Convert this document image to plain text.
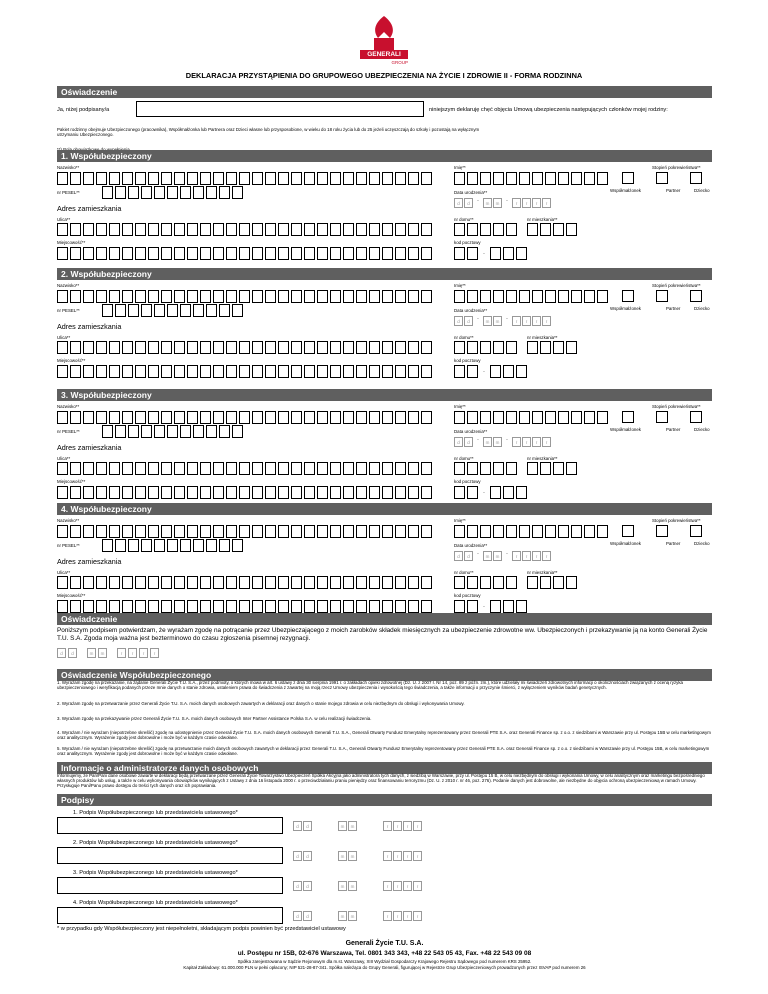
GENERALI
GROUP
DEKLARACJA PRZYSTĄPIENIA DO GRUPOWEGO UBEZPIECZENIA NA ŻYCIE I ZDROWIE II - FORMA RODZINNA
Oświadczenie
Ja, niżej podpisany/a	niniejszym deklaruję chęć objęcia Umową ubezpieczenia następujących członków mojej rodziny:
Pakiet rodzinny obejmuje Ubezpieczonego (pracownika), Współmałżonka lub Partnera oraz Dzieci własne lub przysposobione, w wieku do 18 roku życia lub do 25 jeżeli uczęszczają do szkoły i pozostają na wyłącznym
utrzymaniu Ubezpieczonego.
1. Współubezpieczony
Nazwisko**	Imię**	Stopień pokrewieństwa**
Współmałżonek	Partner	Dziecko
nr PESEL**	Data urodzenia**
d	d
-
m	m
-
r	r	r	r
Adres zamieszkania
Ulica**	nr domu**	nr mieszkania**
Miejscowość**	kod pocztowy
-
2. Współubezpieczony
Nazwisko**	Imię**	Stopień pokrewieństwa**
Współmałżonek	Partner	Dziecko
nr PESEL**	Data urodzenia**
d	d
-
m	m
-
r	r	r	r
Adres zamieszkania
Ulica**	nr domu**	nr mieszkania**
Miejscowość**	kod pocztowy
-
3. Współubezpieczony
Nazwisko**	Imię**	Stopień pokrewieństwa**
Współmałżonek	Partner	Dziecko
nr PESEL**	Data urodzenia**
d	d
-
m	m
-
r	r	r	r
Adres zamieszkania
Ulica**	nr domu**	nr mieszkania**
Miejscowość**	kod pocztowy
-
4. Współubezpieczony
Nazwisko**	Imię**	Stopień pokrewieństwa**
Współmałżonek	Partner	Dziecko
nr PESEL**	Data urodzenia**
d	d
-
m	m
-
r	r	r	r
Adres zamieszkania
Ulica**	nr domu**	nr mieszkania**
Miejscowość**	kod pocztowy
-
Oświadczenie
Poniższym podpisem potwierdzam, że wyrażam zgodę na potrącanie przez Ubezpieczającego z moich zarobków składek miesięcznych za ubezpieczenie zdrowotne ww. Ubezpieczonych i przekazywanie ją na konto Generali Życie T.U. S.A. Zgoda moja ważna jest bezterminowo do czasu zgłoszenia pisemnej rezygnacji.
d	d	m	m	r	r	r	r
Oświadczenie Współubezpieczonego
1. Wyrażam zgodę na przekazanie, na żądanie Generali Życie T.U. S.A., przez podmioty, o których mowa w art. 6 ustawy z dnia 30 sierpnia 1991 r. o zakładach opieki zdrowotnej (Dz. U. z 2007 r. Nr 14, poz. 89 z późn. zm.), które udzielały mi świadczeń zdrowotnych informacji o okolicznościach związanych z oceną ryzyka ubezpieczeniowego i weryfikacją podanych przeze mnie danych o stanie zdrowia, ustaleniem prawa do świadczenia z zawartej na moją rzecz Umowy ubezpieczenia i wysokością tego świadczenia, a także informacji o przyczynie śmierci, z wyłączeniem wyników badań genetycznych.
2. Wyrażam zgodę na przetwarzanie przez Generali Życie T.U. S.A. moich danych osobowych zawartych w deklaracji oraz danych o stanie mojego zdrowia w celu niezbędnym do obsługi i wykonywania Umowy.
3. Wyrażam zgodę na przekazywanie przez Generali Życie T.U. S.A. moich danych osobowych Inter Partner Assistance Polska S.A. w celu realizacji świadczenia.
4. Wyrażam / nie wyrażam (niepotrzebne skreślić) zgodę na udostępnienie przez Generali Życie T.U. S.A. moich danych osobowych Generali T.U. S.A., Generali Otwarty Fundusz Emerytalny reprezentowany przez Generali PTE S.A. oraz Generali Finance sp. z o.o. z siedzibami w Warszawie przy ul. Postępu 15B w celu marketingowym oraz analitycznym. Wyrażenie zgody jest dobrowolne i może być w każdym czasie odwołane.
5. Wyrażam / nie wyrażam (niepotrzebne skreślić) zgodę na przetwarzanie moich danych osobowych zawartych w deklaracji przez Generali T.U. S.A., Generali Otwarty Fundusz Emerytalny reprezentowany przez Generali PTE S.A. oraz Generali Finance sp. z o.o. z siedzibami w Warszawie przy ul. Postępu 15B, w celu marketingowym oraz analitycznym. Wyrażenie zgody jest dobrowolne i może być w każdym czasie odwołane.
Informacje o administratorze danych osobowych
Informujemy, że Pan/Pani dane osobowe zawarte w deklaracji będą przetwarzane przez Generali Życie Towarzystwo Ubezpieczeń Spółka Akcyjna jako administratora tych danych, z siedzibą w Warszawie, przy ul. Postępu 15 B, w celu niezbędnym do obsługi i wykonania Umowy, w celu analitycznym oraz marketingu bezpośredniego własnych produktów lub usług, a także w celu wykonywania obowiązków wynikających z Ustawy z dnia 16 listopada 2000 r. o przeciwdziałaniu praniu pieniędzy oraz finansowaniu terroryzmu (Dz. U. z 2010 r. nr 46, poz. 276). Podanie danych jest dobrowolne, ale niezbędne do objęcia ochroną ubezpieczeniową w ramach Umowy. Przysługuje Pani/Panu prawo dostępu do treści tych danych oraz ich poprawiania.
Podpisy
1. Podpis Współubezpieczonego lub przedstawiciela ustawowego*
d	d	m	m	r	r	r	r
2. Podpis Współubezpieczonego lub przedstawiciela ustawowego*
d	d	m	m	r	r	r	r
3. Podpis Współubezpieczonego lub przedstawiciela ustawowego*
d	d	m	m	r	r	r	r
4. Podpis Współubezpieczonego lub przedstawiciela ustawowego*
d	d	m	m	r	r	r	r
* w przypadku gdy Współubezpieczony jest niepełnoletni, składającym podpis powinien być przedstawiciel ustawowy
Generali Życie T.U. S.A.
ul. Postępu nr 15B, 02-676 Warszawa, Tel. 0801 343 343, +48 22 543 05 43, Fax. +48 22 543 09 08
Spółka zarejestrowana w Sądzie Rejonowym dla m.st. Warszawy, XIII Wydział Gospodarczy Krajowego Rejestru Sądowego pod numerem KRS 25952.
Kapitał Zakładowy: 61.000.000 PLN w pełni opłacony; NIP 521-28-87-341. Spółka należąca do Grupy Generali, figurującej w Rejestrze Grup Ubezpieczeniowych prowadzonych przez ISVAP pod numerem 26
